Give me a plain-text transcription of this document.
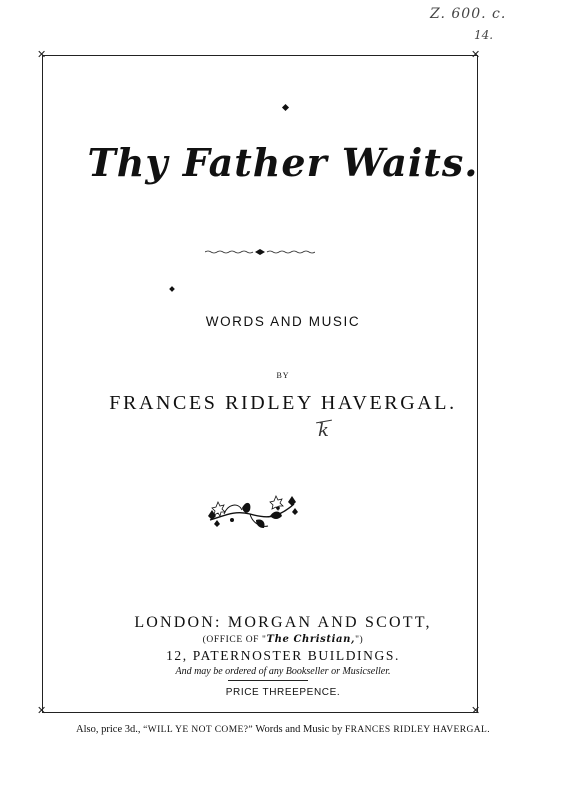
✕	✕
✕	✕
Z. 600. c.
14.
Thy Father Waits.
WORDS AND MUSIC
BY
FRANCES RIDLEY HAVERGAL.
k
LONDON: MORGAN AND SCOTT,
(OFFICE OF "The Christian,")
12, PATERNOSTER BUILDINGS.
And may be ordered of any Bookseller or Musicseller.
PRICE THREEPENCE.
Also, price 3d., “WILL YE NOT COME?” Words and Music by FRANCES RIDLEY HAVERGAL.
